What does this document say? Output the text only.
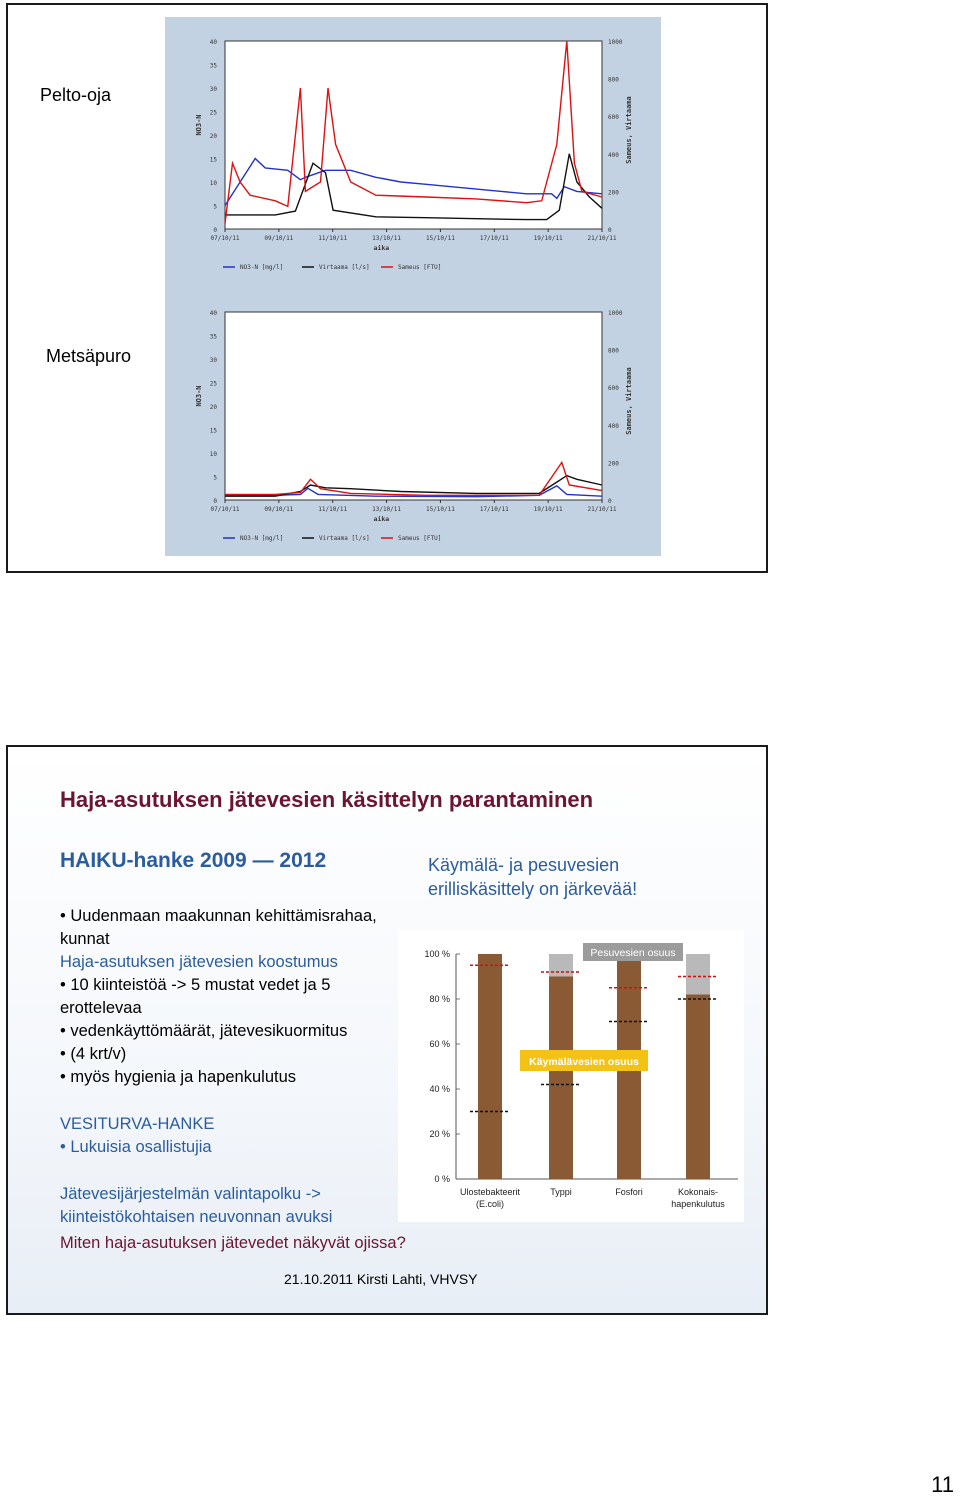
Pelto-oja
Metsäpuro
0
5
10
15
20
25
30
35
40
0
200
400
600
800
1000
07/10/11	09/10/11	11/10/11	13/10/11	15/10/11	17/10/11	19/10/11	21/10/11
aika
NO3-N	Sameus, Virtaama
NO3-N [mg/l]	Virtaama [l/s]	Sameus [FTU]
0
5
10
15
20
25
30
35
40
0
200
400
600
800
1000
07/10/11	09/10/11	11/10/11	13/10/11	15/10/11	17/10/11	19/10/11	21/10/11
aika
NO3-N	Sameus, Virtaama
NO3-N [mg/l]	Virtaama [l/s]	Sameus [FTU]
Haja-asutuksen jätevesien käsittelyn parantaminen
HAIKU-hanke 2009 — 2012	Käymälä- ja pesuvesien
erilliskäsittely on järkevää!
• Uudenmaan maakunnan kehittämisrahaa,
kunnat
Haja-asutuksen jätevesien koostumus
• 10 kiinteistöä -> 5 mustat vedet ja 5
erottelevaa
• vedenkäyttömäärät, jätevesikuormitus
• (4 krt/v)
• myös hygienia ja hapenkulutus
VESITURVA-HANKE
• Lukuisia osallistujia
Jätevesijärjestelmän valintapolku ->
kiinteistökohtaisen neuvonnan avuksi
Miten haja-asutuksen jätevedet näkyvät ojissa?
21.10.2011 Kirsti Lahti, VHVSY
0 %
20 %
40 %
60 %
80 %
100 %
Ulostebakteerit
(E.coli)
Typpi	Fosfori	Kokonais-
hapenkulutus
Pesuvesien osuus
Käymälävesien osuus
11
